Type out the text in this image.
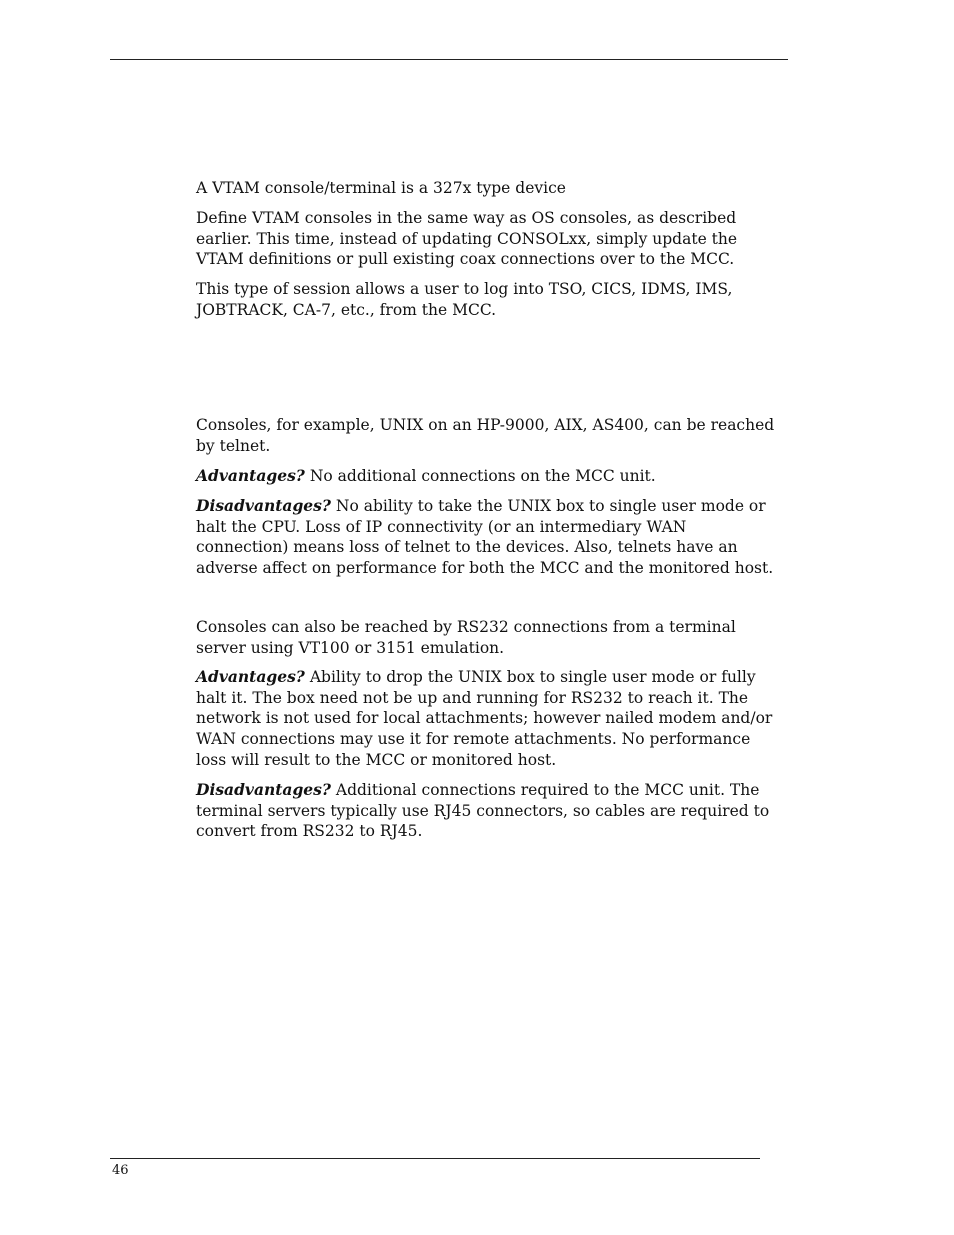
A VTAM console/terminal is a 327x type device

Define VTAM consoles in the same way as OS consoles, as described
earlier. This time, instead of updating CONSOLxx, simply update the
VTAM definitions or pull existing coax connections over to the MCC.

This type of session allows a user to log into TSO, CICS, IDMS, IMS,
JOBTRACK, CA-7, etc., from the MCC.

Consoles, for example, UNIX on an HP-9000, AIX, AS400, can be reached
by telnet.

Advantages? No additional connections on the MCC unit.

Disadvantages? No ability to take the UNIX box to single user mode or
halt the CPU. Loss of IP connectivity (or an intermediary WAN
connection) means loss of telnet to the devices. Also, telnets have an
adverse affect on performance for both the MCC and the monitored host.

Consoles can also be reached by RS232 connections from a terminal
server using VT100 or 3151 emulation.

Advantages? Ability to drop the UNIX box to single user mode or fully
halt it. The box need not be up and running for RS232 to reach it. The
network is not used for local attachments; however nailed modem and/or
WAN connections may use it for remote attachments. No performance
loss will result to the MCC or monitored host.

Disadvantages? Additional connections required to the MCC unit. The
terminal servers typically use RJ45 connectors, so cables are required to
convert from RS232 to RJ45.

46
